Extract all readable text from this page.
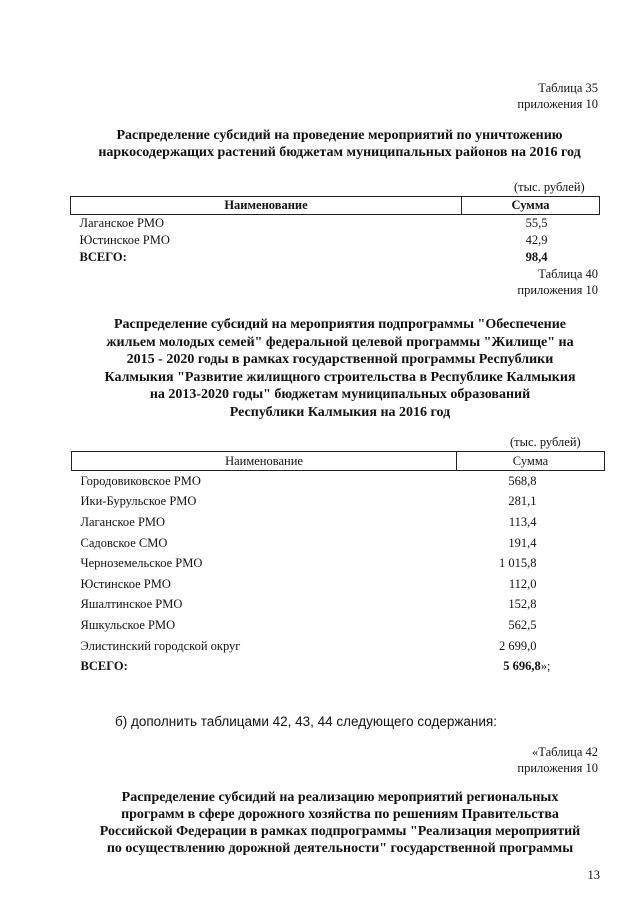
Таблица 35
приложения 10
Распределение субсидий на проведение мероприятий по уничтожению
наркосодержащих растений бюджетам муниципальных районов на 2016 год
(тыс. рублей)
Наименование	Сумма
Лаганское РМО	55,5
Юстинское РМО	42,9
ВСЕГО:	98,4
Таблица 40
приложения 10
Распределение субсидий на мероприятия подпрограммы "Обеспечение
жильем молодых семей" федеральной целевой программы "Жилище" на
2015 - 2020 годы в рамках государственной программы Республики
Калмыкия "Развитие жилищного строительства в Республике Калмыкия
на 2013-2020 годы" бюджетам муниципальных образований
Республики Калмыкия на 2016 год
(тыс. рублей)
Наименование	Сумма
Городовиковское РМО	568,8
Ики-Бурульское РМО	281,1
Лаганское РМО	113,4
Садовское СМО	191,4
Черноземельское РМО	1 015,8
Юстинское РМО	112,0
Яшалтинское РМО	152,8
Яшкульское РМО	562,5
Элистинский городской округ	2 699,0
ВСЕГО:	5 696,8»;
б) дополнить таблицами 42, 43, 44 следующего содержания:
«Таблица 42
приложения 10
Распределение субсидий на реализацию мероприятий региональных
программ в сфере дорожного хозяйства по решениям Правительства
Российской Федерации в рамках подпрограммы "Реализация мероприятий
по осуществлению дорожной деятельности" государственной программы
13
